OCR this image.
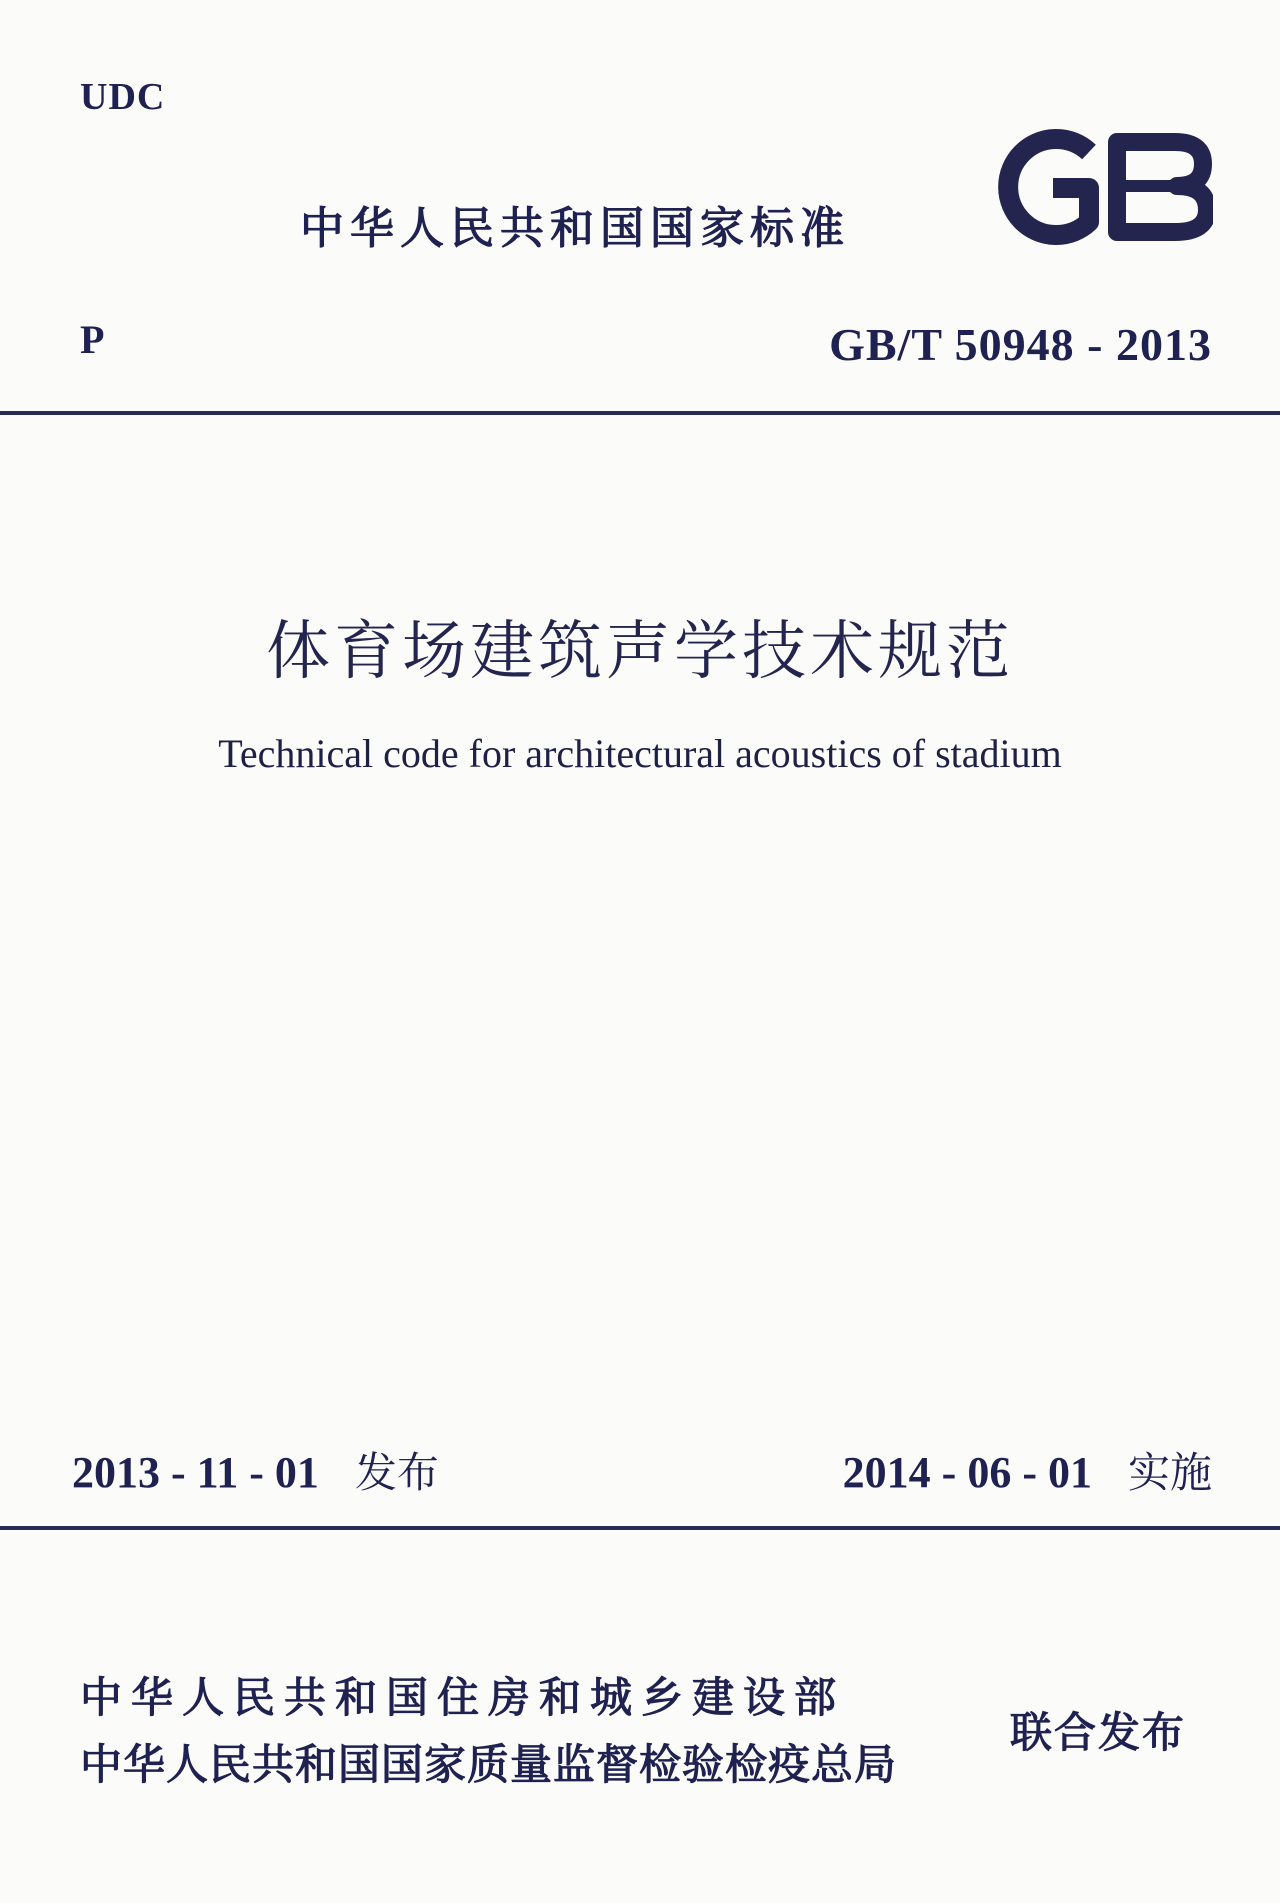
UDC
中华人民共和国国家标准
P	GB/T 50948 - 2013
体育场建筑声学技术规范
Technical code for architectural acoustics of stadium
2013 - 11 - 01 发布	2014 - 06 - 01 实施
中华人民共和国住房和城乡建设部
中华人民共和国国家质量监督检验检疫总局
联合发布
